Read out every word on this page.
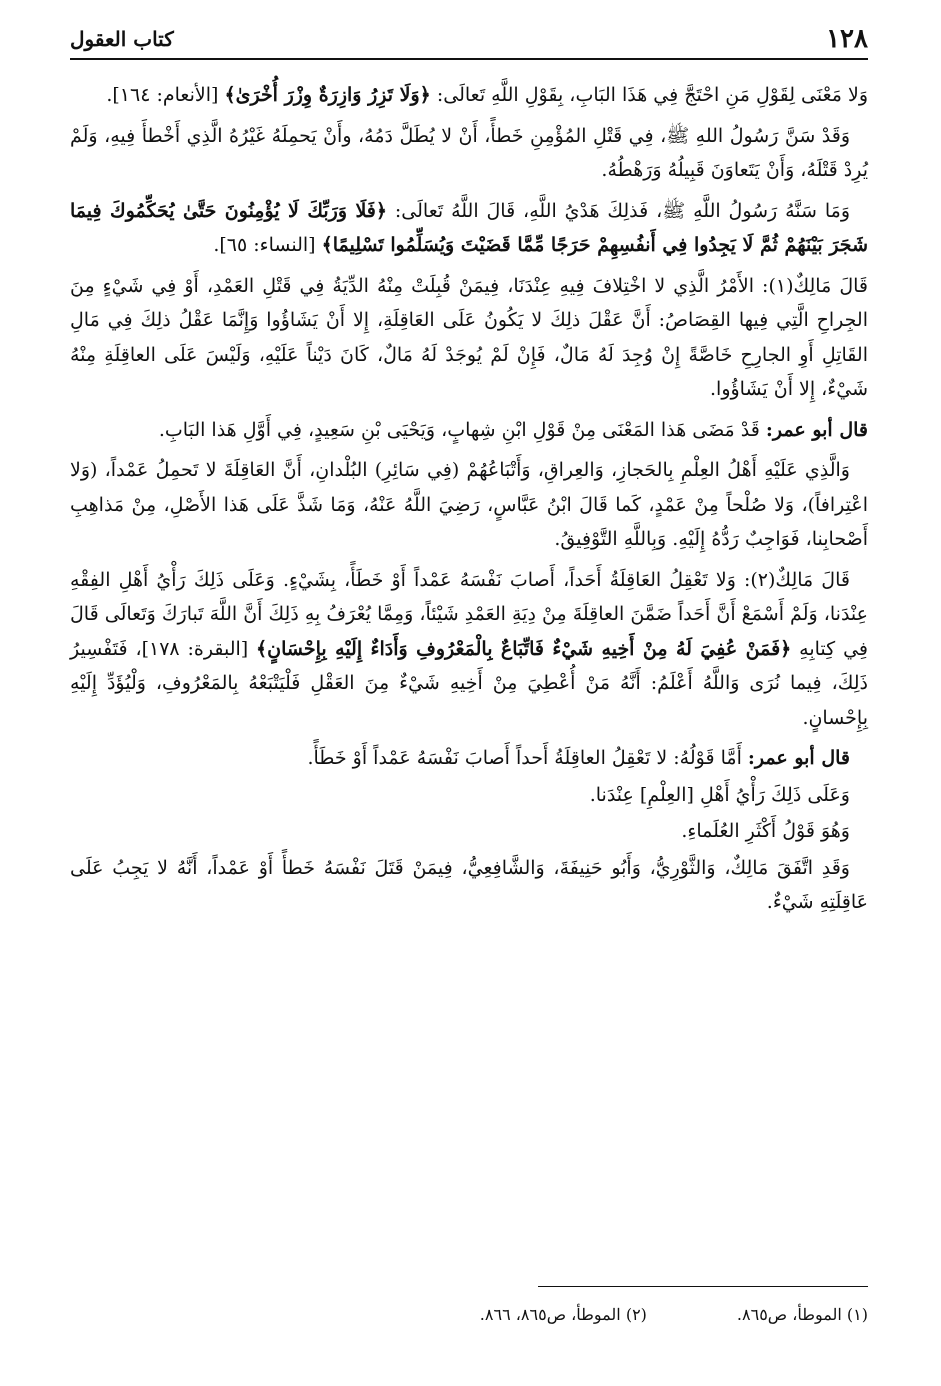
١٢٨
كتاب العقول

وَلا مَعْنَى لِقَوْلِ مَنِ احْتَجَّ فِي هَذَا البَابِ، بِقَوْلِ اللَّهِ تَعالَى: ﴿وَلَا تَزِرُ وَازِرَةٌ وِزْرَ أُخْرَىٰ﴾ [الأنعام: ١٦٤].

وَقَدْ سَنَّ رَسُولُ اللهِ ﷺ، فِي قَتْلِ المُؤْمِنِ خَطأً، أَنْ لا يُطَلَّ دَمُهُ، وأَنْ يَحمِلَهُ غَيْرُهُ الَّذِي أَخْطأَ فِيهِ، وَلَمْ يُرِدْ قَتْلَهُ، وَأَنْ يَتَعاوَنَ قَبِيلُهُ وَرَهْطُهُ.

وَمَا سَنَّهُ رَسُولُ اللَّهِ ﷺ، فَذلِكَ هَدْيُ اللَّهِ، قَالَ اللَّهُ تَعالَى: ﴿فَلَا وَرَبِّكَ لَا يُؤْمِنُونَ حَتَّىٰ يُحَكِّمُوكَ فِيمَا شَجَرَ بَيْنَهُمْ ثُمَّ لَا يَجِدُوا فِي أَنفُسِهِمْ حَرَجًا مِّمَّا قَضَيْتَ وَيُسَلِّمُوا تَسْلِيمًا﴾ [النساء: ٦٥].

قَالَ مَالِكٌ(١): الأَمْرُ الَّذِي لا اخْتِلافَ فِيهِ عِنْدَنَا، فِيمَنْ قُبِلَتْ مِنْهُ الدِّيَةُ فِي قَتْلِ العَمْدِ، أَوْ فِي شَيْءٍ مِنَ الجِراحِ الَّتِي فِيها القِصَاصُ: أَنَّ عَقْلَ ذلِكَ لا يَكُونُ عَلَى العَاقِلَةِ، إِلا أَنْ يَشَاؤُوا وَإِنَّمَا عَقْلُ ذلِكَ فِي مَالِ القَاتِلِ أَوِ الجارِحِ خَاصَّةً إِنْ وُجِدَ لَهُ مَالٌ، فَإِنْ لَمْ يُوجَدْ لَهُ مَالٌ، كَانَ دَيْناً عَلَيْهِ، وَلَيْسَ عَلَى العاقِلَةِ مِنْهُ شَيْءٌ، إِلا أَنْ يَشَاؤُوا.

قال أبو عمر: قَدْ مَضَى هَذا المَعْنَى مِنْ قَوْلِ ابْنِ شِهابٍ، وَيَحْيَى بْنِ سَعِيدٍ، فِي أَوَّلِ هَذا البَابِ.

وَالَّذِي عَلَيْهِ أَهْلُ العِلْمِ بِالحَجازِ، وَالعِراقِ، وَأَتْبَاعُهُمْ (فِي سَائِرِ) البُلْدانِ، أَنَّ العَاقِلَةَ لا تَحمِلُ عَمْداً، (وَلا اعْتِرافاً)، وَلا صُلْحاً مِنْ عَمْدٍ، كَما قَالَ ابْنُ عَبَّاسٍ، رَضِيَ اللَّهُ عَنْهُ، وَمَا شَذَّ عَلَى هَذا الأَصْلِ، مِنْ مَذاهِبِ أَصْحابِنا، فَوَاجِبٌ رَدُّهُ إِلَيْهِ. وَبِاللَّهِ التَّوْفِيقُ.

قَالَ مَالِكٌ(٢): وَلا تَعْقِلُ العَاقِلَةُ أَحَداً، أَصابَ نَفْسَهُ عَمْداً أَوْ خَطَأً، بِشَيْءٍ. وَعَلَى ذَلِكَ رَأْيُ أَهْلِ الفِقْهِ عِنْدَنا، وَلَمْ أَسْمَعْ أَنَّ أَحَداً ضَمَّنَ العاقِلَةَ مِنْ دِيَةِ العَمْدِ شَيْئاً، وَمِمَّا يُعْرَفُ بِهِ ذَلِكَ أَنَّ اللَّهَ تَبارَكَ وَتَعالَى قَالَ فِي كِتابِهِ ﴿فَمَنْ عُفِيَ لَهُ مِنْ أَخِيهِ شَيْءٌ فَاتِّبَاعٌ بِالْمَعْرُوفِ وَأَدَاءٌ إِلَيْهِ بِإِحْسَانٍ﴾ [البقرة: ١٧٨]، فَتَفْسِيرُ ذَلِكَ، فِيما نُرَى وَاللَّهُ أَعْلَمُ: أَنَّهُ مَنْ أُعْطِيَ مِنْ أَخِيهِ شَيْءٌ مِنَ العَقْلِ فَلْيَتْبَعْهُ بِالمَعْرُوفِ، وَلْيُؤَدِّ إِلَيْهِ بِإِحْسانٍ.

قال أبو عمر: أَمَّا قَوْلُهُ: لا تَعْقِلُ العاقِلَةُ أَحداً أَصابَ نَفْسَهُ عَمْداً أَوْ خَطَأً.

وَعَلَى ذَلِكَ رَأْيُ أَهْلِ [العِلْمِ] عِنْدَنا.

وَهُوَ قَوْلُ أَكْثَرِ العُلَماءِ.

وَقَدِ اتَّفَقَ مَالِكٌ، وَالثَّوْرِيُّ، وَأَبُو حَنِيفَةَ، وَالشَّافِعِيُّ، فِيمَنْ قَتَلَ نَفْسَهُ خَطأً أَوْ عَمْداً، أَنَّهُ لا يَجِبُ عَلَى عَاقِلَتِهِ شَيْءٌ.

(١) الموطأ، ص٨٦٥.
(٢) الموطأ، ص٨٦٥، ٨٦٦.
